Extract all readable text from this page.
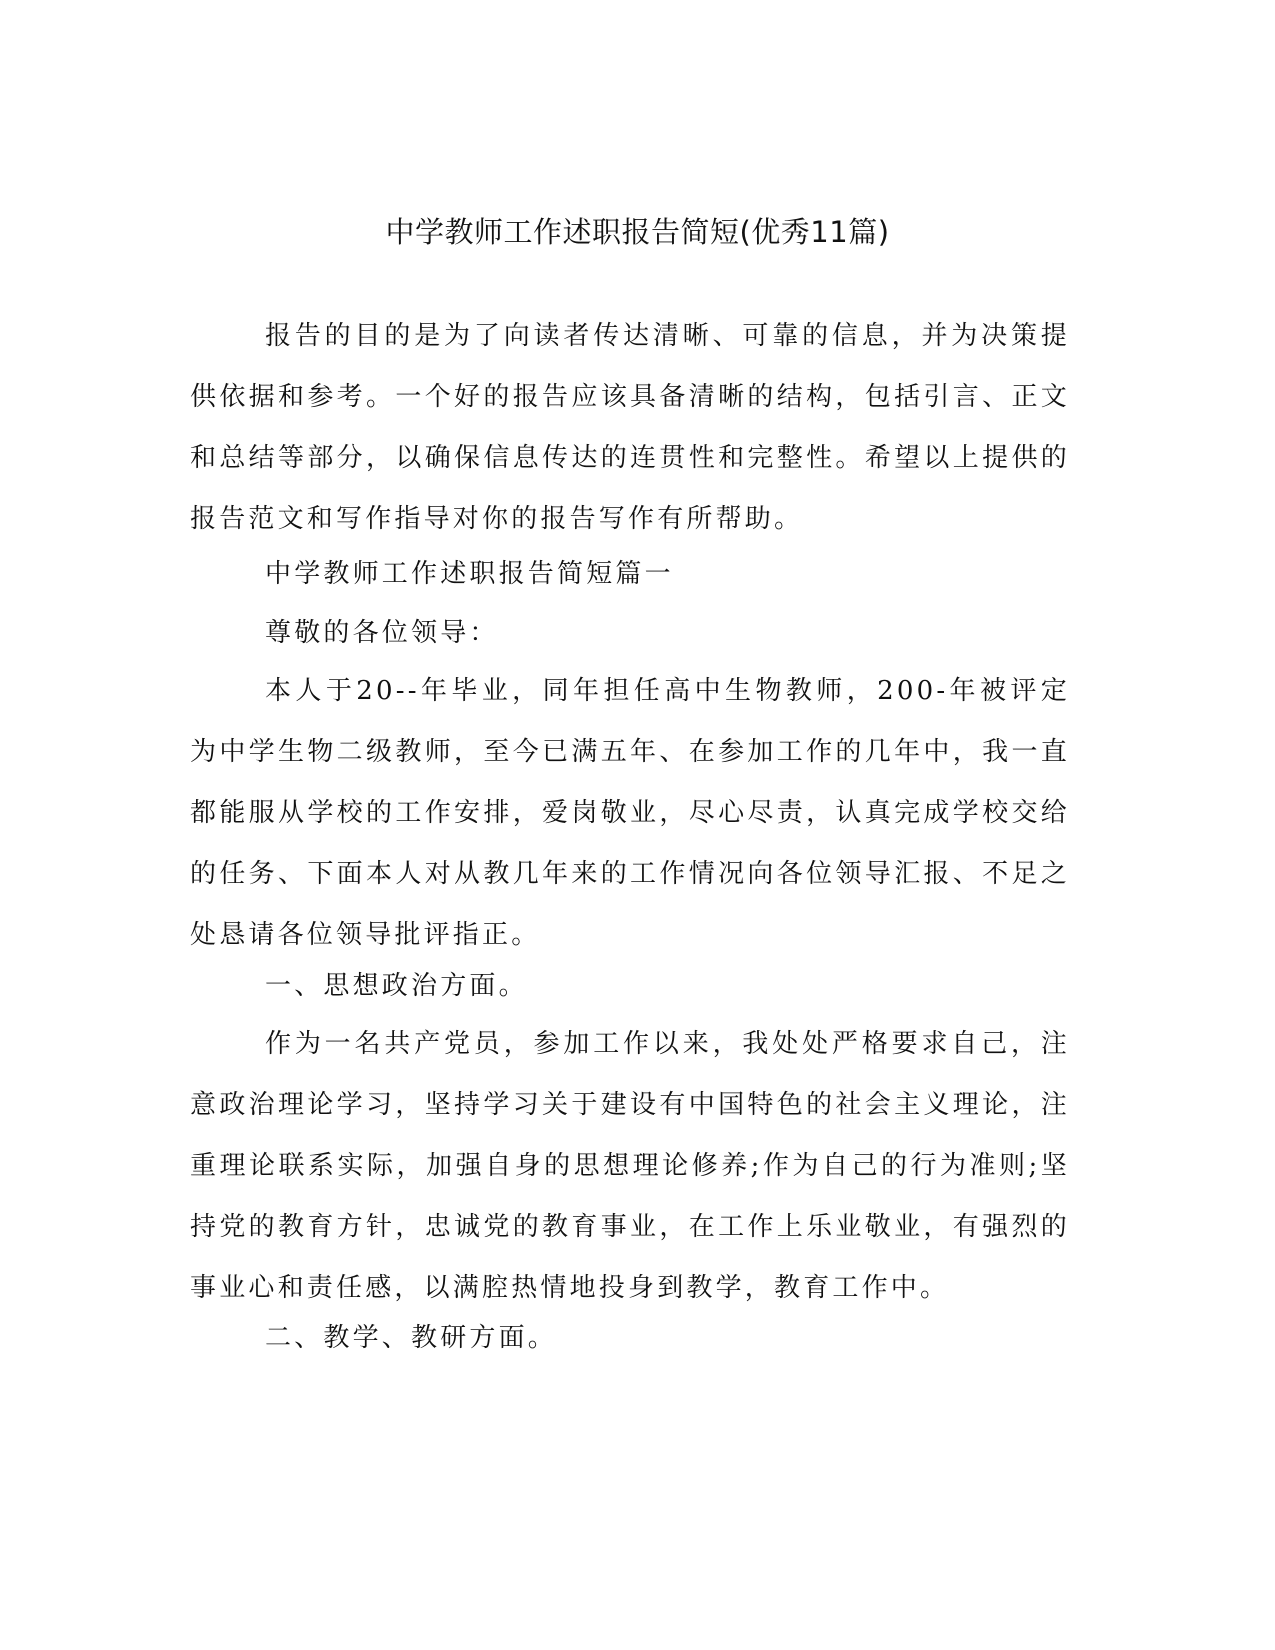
中学教师工作述职报告简短(优秀11篇)

报告的目的是为了向读者传达清晰、可靠的信息，并为决策提供依据和参考。一个好的报告应该具备清晰的结构，包括引言、正文和总结等部分，以确保信息传达的连贯性和完整性。希望以上提供的报告范文和写作指导对你的报告写作有所帮助。

中学教师工作述职报告简短篇一

尊敬的各位领导：

本人于20--年毕业，同年担任高中生物教师，200-年被评定为中学生物二级教师，至今已满五年、在参加工作的几年中，我一直都能服从学校的工作安排，爱岗敬业，尽心尽责，认真完成学校交给的任务、下面本人对从教几年来的工作情况向各位领导汇报、不足之处恳请各位领导批评指正。

一、思想政治方面。

作为一名共产党员，参加工作以来，我处处严格要求自己，注意政治理论学习，坚持学习关于建设有中国特色的社会主义理论，注重理论联系实际，加强自身的思想理论修养;作为自己的行为准则;坚持党的教育方针，忠诚党的教育事业，在工作上乐业敬业，有强烈的事业心和责任感，以满腔热情地投身到教学，教育工作中。

二、教学、教研方面。
